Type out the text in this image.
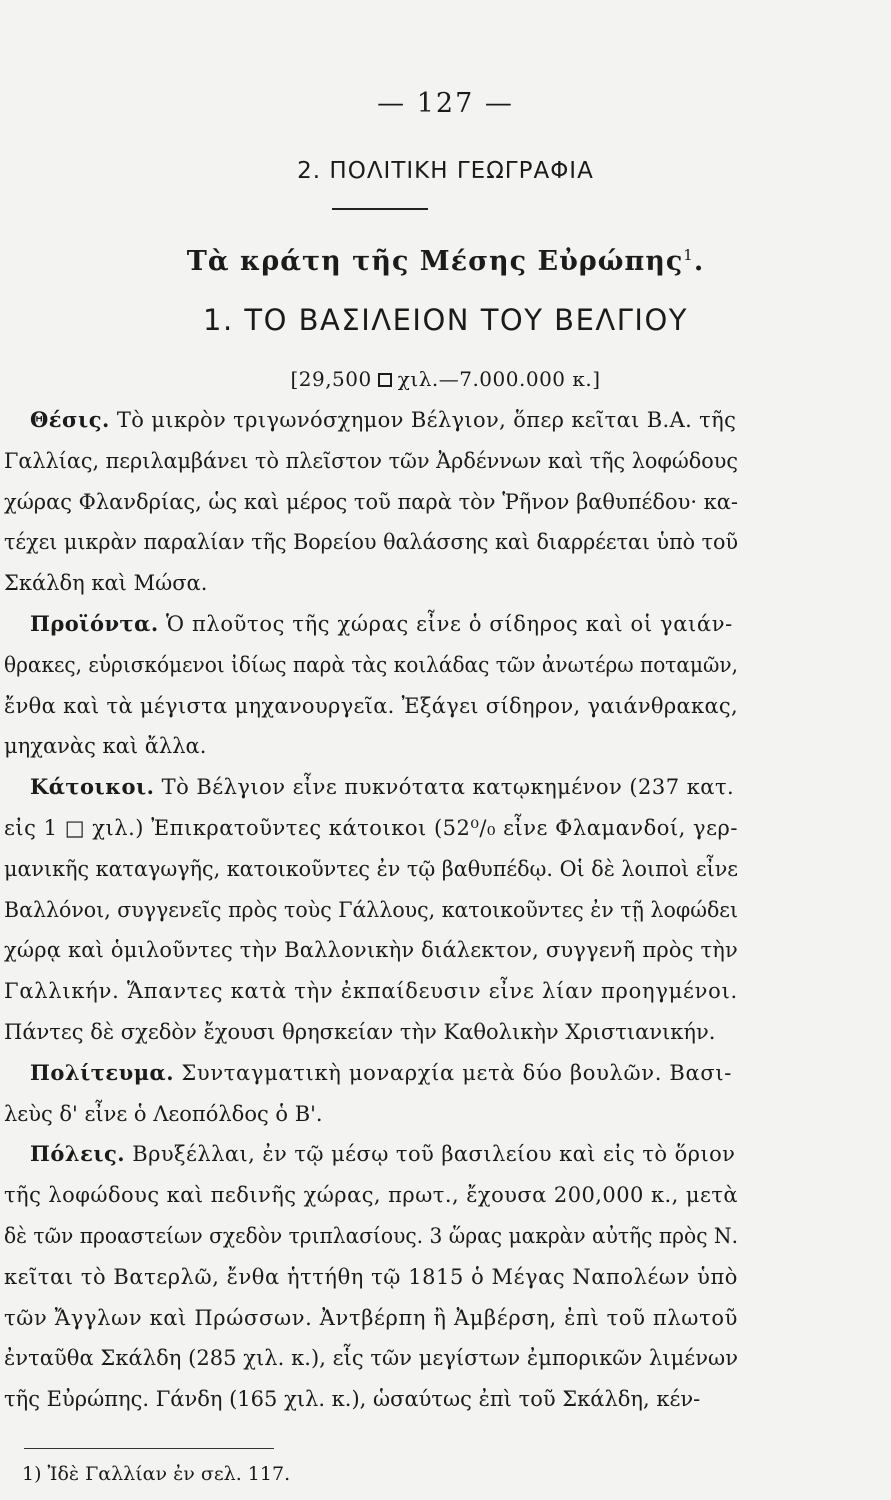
— 127 —
2. ΠΟΛΙΤΙΚΗ ΓΕΩΓΡΑΦΙΑ
Τὰ κράτη τῆς Μέσης Εὐρώπης$^1$.
1. ΤΟ ΒΑΣΙΛΕΙΟΝ ΤΟΥ ΒΕΛΓΙΟΥ
[29,500 χιλ.—7.000.000 κ.]
Θέσις. Τὸ μικρὸν τριγωνόσχημον Βέλγιον, ὅπερ κεῖται Β.Α. τῆς
Γαλλίας, περιλαμβάνει τὸ πλεῖστον τῶν Ἀρδέννων καὶ τῆς λοφώδους
χώρας Φλανδρίας, ὡς καὶ μέρος τοῦ παρὰ τὸν Ῥῆνον βαθυπέδου· κα-
τέχει μικρὰν παραλίαν τῆς Βορείου θαλάσσης καὶ διαρρέεται ὑπὸ τοῦ
Σκάλδη καὶ Μώσα.
Προϊόντα. Ὁ πλοῦτος τῆς χώρας εἶνε ὁ σίδηρος καὶ οἱ γαιάν-
θρακες, εὑρισκόμενοι ἰδίως παρὰ τὰς κοιλάδας τῶν ἀνωτέρω ποταμῶν,
ἔνθα καὶ τὰ μέγιστα μηχανουργεῖα. Ἐξάγει σίδηρον, γαιάνθρακας,
μηχανὰς καὶ ἄλλα.
Κάτοικοι. Τὸ Βέλγιον εἶνε πυκνότατα κατῳκημένον (237 κατ.
εἰς 1 □ χιλ.) Ἐπικρατοῦντες κάτοικοι (52⁰/₀ εἶνε Φλαμανδοί, γερ-
μανικῆς καταγωγῆς, κατοικοῦντες ἐν τῷ βαθυπέδῳ. Οἱ δὲ λοιποὶ εἶνε
Βαλλόνοι, συγγενεῖς πρὸς τοὺς Γάλλους, κατοικοῦντες ἐν τῇ λοφώδει
χώρᾳ καὶ ὁμιλοῦντες τὴν Βαλλονικὴν διάλεκτον, συγγενῆ πρὸς τὴν
Γαλλικήν. Ἅπαντες κατὰ τὴν ἐκπαίδευσιν εἶνε λίαν προηγμένοι.
Πάντες δὲ σχεδὸν ἔχουσι θρησκείαν τὴν Καθολικὴν Χριστιανικήν.
Πολίτευμα. Συνταγματικὴ μοναρχία μετὰ δύο βουλῶν. Βασι-
λεὺς δ' εἶνε ὁ Λεοπόλδος ὁ Β'.
Πόλεις. Βρυξέλλαι, ἐν τῷ μέσῳ τοῦ βασιλείου καὶ εἰς τὸ ὅριον
τῆς λοφώδους καὶ πεδινῆς χώρας, πρωτ., ἔχουσα 200,000 κ., μετὰ
δὲ τῶν προαστείων σχεδὸν τριπλασίους. 3 ὥρας μακρὰν αὐτῆς πρὸς Ν.
κεῖται τὸ Βατερλῶ, ἔνθα ἡττήθη τῷ 1815 ὁ Μέγας Ναπολέων ὑπὸ
τῶν Ἄγγλων καὶ Πρώσσων. Ἀντβέρπη ἢ Ἀμβέρση, ἐπὶ τοῦ πλωτοῦ
ἐνταῦθα Σκάλδη (285 χιλ. κ.), εἷς τῶν μεγίστων ἐμπορικῶν λιμένων
τῆς Εὐρώπης. Γάνδη (165 χιλ. κ.), ὡσαύτως ἐπὶ τοῦ Σκάλδη, κέν-
1) Ἰδὲ Γαλλίαν ἐν σελ. 117.
